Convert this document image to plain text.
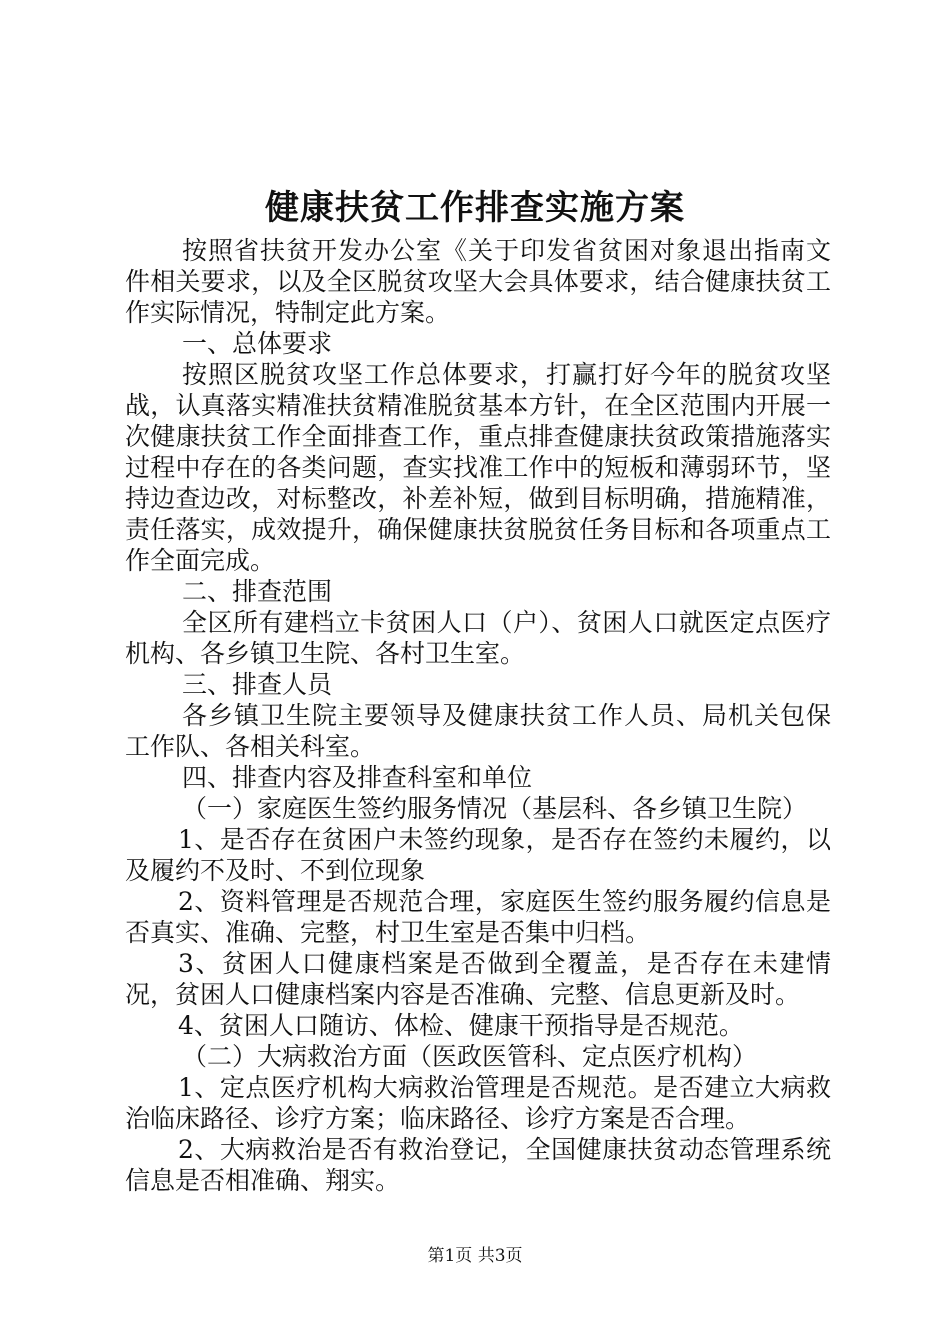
健康扶贫工作排查实施方案

按照省扶贫开发办公室《关于印发省贫困对象退出指南文件相关要求，以及全区脱贫攻坚大会具体要求，结合健康扶贫工作实际情况，特制定此方案。

一、总体要求

按照区脱贫攻坚工作总体要求，打赢打好今年的脱贫攻坚战，认真落实精准扶贫精准脱贫基本方针，在全区范围内开展一次健康扶贫工作全面排查工作，重点排查健康扶贫政策措施落实过程中存在的各类问题，查实找准工作中的短板和薄弱环节，坚持边查边改，对标整改，补差补短，做到目标明确，措施精准，责任落实，成效提升，确保健康扶贫脱贫任务目标和各项重点工作全面完成。

二、排查范围

全区所有建档立卡贫困人口（户）、贫困人口就医定点医疗机构、各乡镇卫生院、各村卫生室。

三、排查人员

各乡镇卫生院主要领导及健康扶贫工作人员、局机关包保工作队、各相关科室。

四、排查内容及排查科室和单位

（一）家庭医生签约服务情况（基层科、各乡镇卫生院）

1、是否存在贫困户未签约现象，是否存在签约未履约，以及履约不及时、不到位现象

2、资料管理是否规范合理，家庭医生签约服务履约信息是否真实、准确、完整，村卫生室是否集中归档。

3、贫困人口健康档案是否做到全覆盖，是否存在未建情况，贫困人口健康档案内容是否准确、完整、信息更新及时。

4、贫困人口随访、体检、健康干预指导是否规范。

（二）大病救治方面（医政医管科、定点医疗机构）

1、定点医疗机构大病救治管理是否规范。是否建立大病救治临床路径、诊疗方案；临床路径、诊疗方案是否合理。

2、大病救治是否有救治登记，全国健康扶贫动态管理系统信息是否相准确、翔实。

第1页 共3页
